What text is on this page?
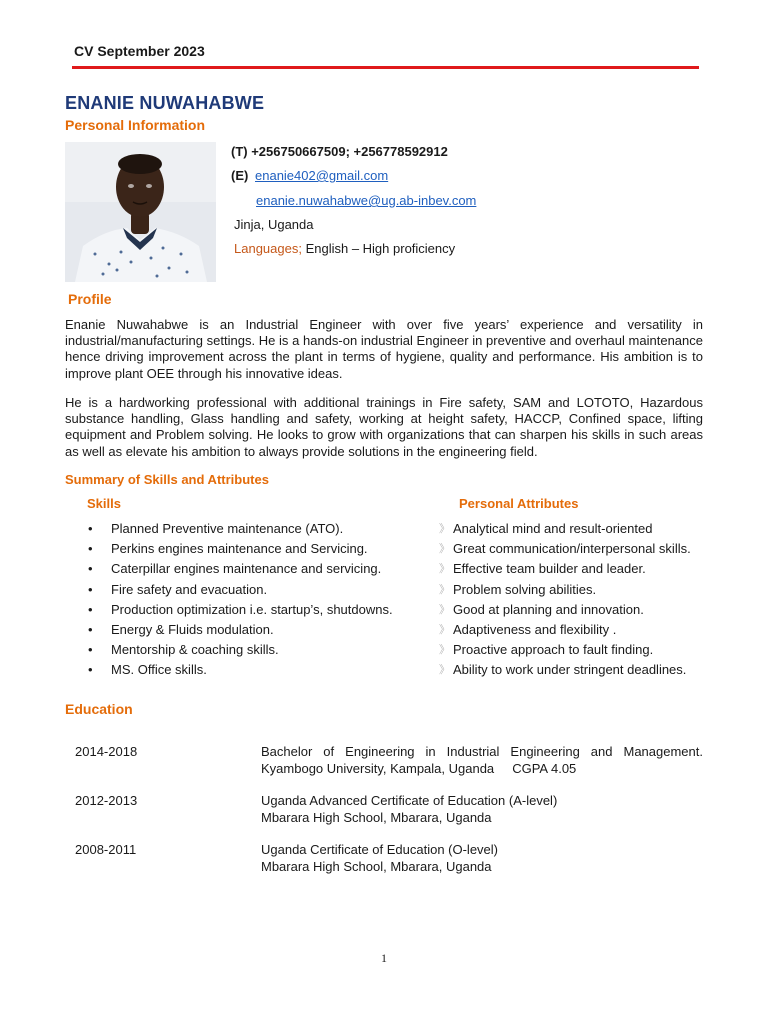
CV September 2023
ENANIE NUWAHABWE
Personal Information
(T) +256750667509; +256778592912
(E) enanie402@gmail.com
enanie.nuwahabwe@ug.ab-inbev.com
Jinja, Uganda
Languages; English – High proficiency
Profile
Enanie Nuwahabwe is an Industrial Engineer with over five years’ experience and versatility in industrial/manufacturing settings. He is a hands-on industrial Engineer in preventive and overhaul maintenance hence driving improvement across the plant in terms of hygiene, quality and performance. His ambition is to improve plant OEE through his innovative ideas.
He is a hardworking professional with additional trainings in Fire safety, SAM and LOTOTO, Hazardous substance handling, Glass handling and safety, working at height safety, HACCP, Confined space, lifting equipment and Problem solving. He looks to grow with organizations that can sharpen his skills in such areas as well as elevate his ambition to always provide solutions in the engineering field.
Summary of Skills and Attributes
Skills	Personal Attributes
• Planned Preventive maintenance (ATO).
• Perkins engines maintenance and Servicing.
• Caterpillar engines maintenance and servicing.
• Fire safety and evacuation.
• Production optimization i.e. startup’s, shutdowns.
• Energy & Fluids modulation.
• Mentorship & coaching skills.
• MS. Office skills.
》 Analytical mind and result-oriented
》 Great communication/interpersonal skills.
》 Effective team builder and leader.
》 Problem solving abilities.
》 Good at planning and innovation.
》 Adaptiveness and flexibility .
》 Proactive approach to fault finding.
》 Ability to work under stringent deadlines.
Education
2014-2018	Bachelor of Engineering in Industrial Engineering and Management.
Kyambogo University, Kampala, Uganda     CGPA 4.05
2012-2013	Uganda Advanced Certificate of Education (A-level)
Mbarara High School, Mbarara, Uganda
2008-2011	Uganda Certificate of Education (O-level)
Mbarara High School, Mbarara, Uganda
1
